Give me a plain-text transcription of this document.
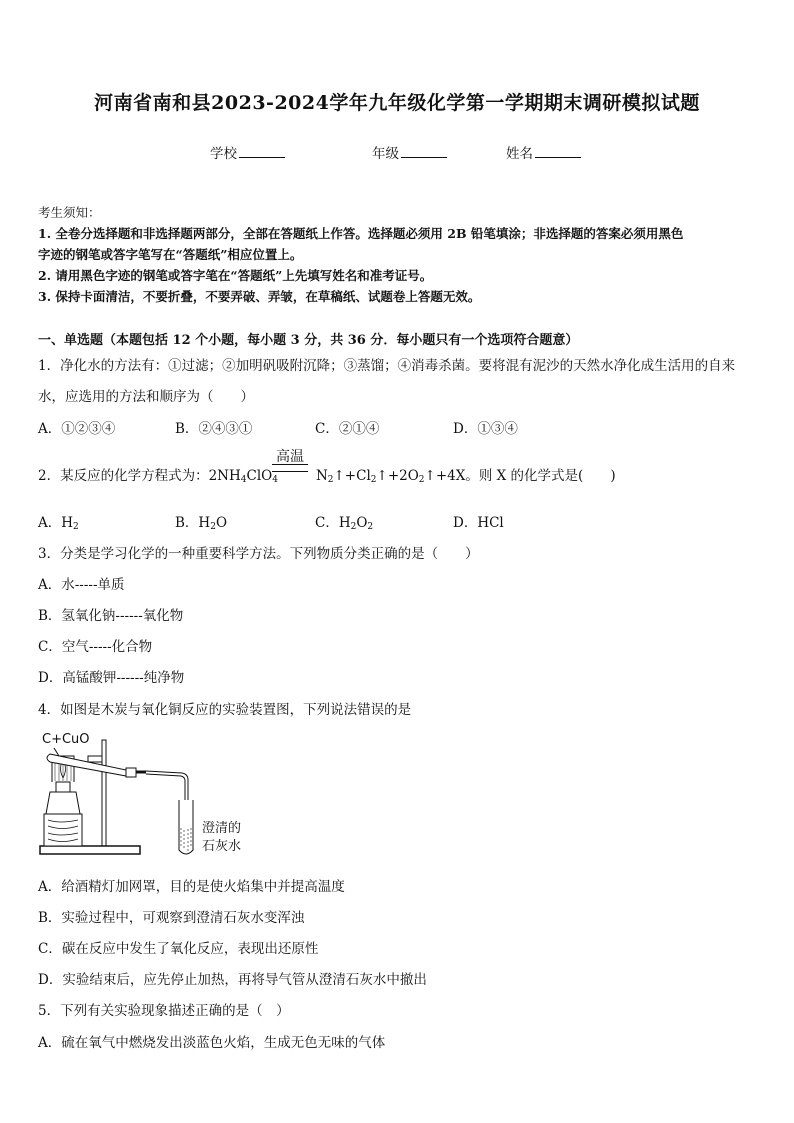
河南省南和县2023-2024学年九年级化学第一学期期末调研模拟试题
学校	年级	姓名
考生须知：
1. 全卷分选择题和非选择题两部分，全部在答题纸上作答。选择题必须用 2B 铅笔填涂；非选择题的答案必须用黑色
字迹的钢笔或答字笔写在“答题纸”相应位置上。
2. 请用黑色字迹的钢笔或答字笔在“答题纸”上先填写姓名和准考证号。
3. 保持卡面清洁，不要折叠，不要弄破、弄皱，在草稿纸、试题卷上答题无效。
一、单选题（本题包括 12 个小题，每小题 3 分，共 36 分．每小题只有一个选项符合题意）
1．净化水的方法有：①过滤；②加明矾吸附沉降；③蒸馏；④消毒杀菌。要将混有泥沙的天然水净化成生活用的自来
水，应选用的方法和顺序为（　　）
A．①②③④	B．②④③①	C．②①④	D．①③④
2．某反应的化学方程式为：$2NH_4ClO_4$	$N_2↑+Cl_2↑+2O_2↑+4X$。则 X 的化学式是(　　)
高温
A．$H_2$	B．$H_2O$	C．$H_2O_2$	D．HCl
3．分类是学习化学的一种重要科学方法。下列物质分类正确的是（　　）
A．水-----单质
B．氢氧化钠------氧化物
C．空气-----化合物
D．高锰酸钾------纯净物
4．如图是木炭与氧化铜反应的实验装置图，下列说法错误的是
C+CuO
澄清的
石灰水
A．给酒精灯加网罩，目的是使火焰集中并提高温度
B．实验过程中，可观察到澄清石灰水变浑浊
C．碳在反应中发生了氧化反应，表现出还原性
D．实验结束后，应先停止加热，再将导气管从澄清石灰水中撤出
5．下列有关实验现象描述正确的是（　）
A．硫在氧气中燃烧发出淡蓝色火焰，生成无色无味的气体
